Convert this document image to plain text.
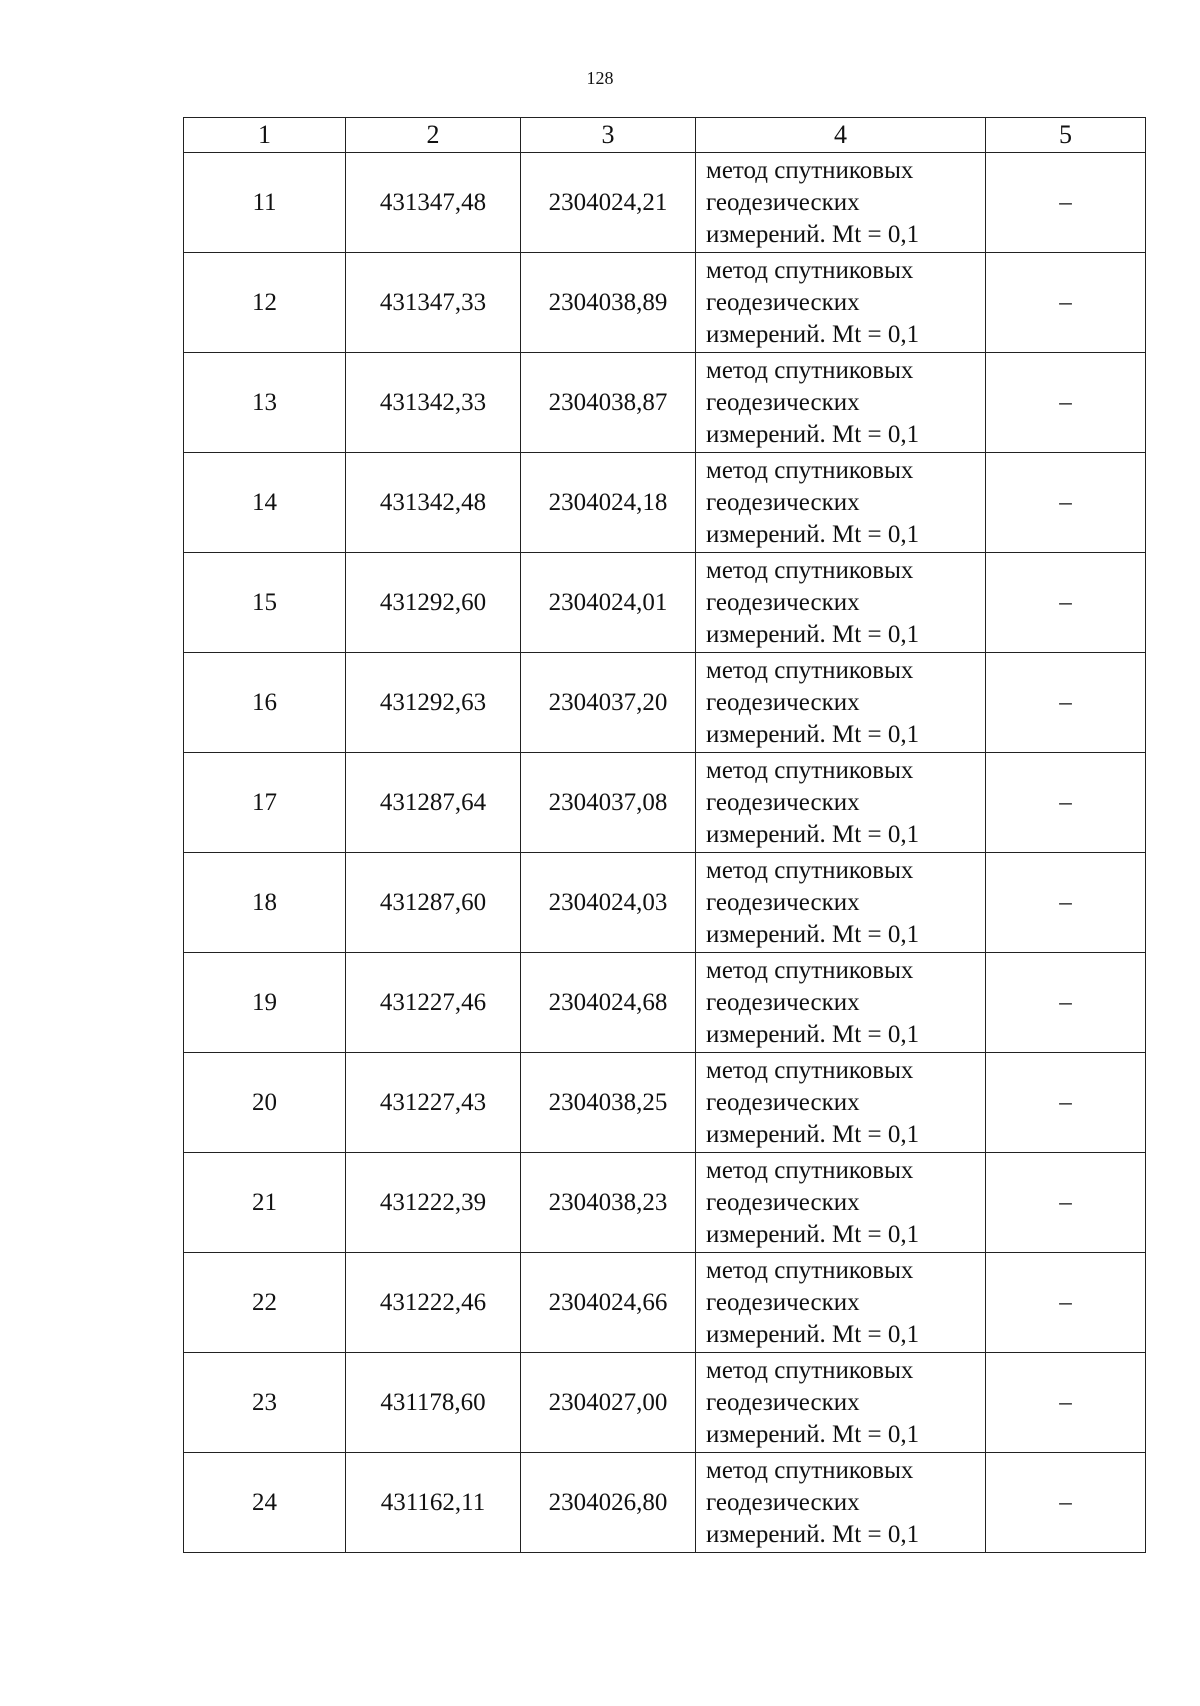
128
1	2	3	4	5
11	431347,48	2304024,21	метод спутниковых
геодезических
измерений. Mt = 0,1	–
12	431347,33	2304038,89	метод спутниковых
геодезических
измерений. Mt = 0,1	–
13	431342,33	2304038,87	метод спутниковых
геодезических
измерений. Mt = 0,1	–
14	431342,48	2304024,18	метод спутниковых
геодезических
измерений. Mt = 0,1	–
15	431292,60	2304024,01	метод спутниковых
геодезических
измерений. Mt = 0,1	–
16	431292,63	2304037,20	метод спутниковых
геодезических
измерений. Mt = 0,1	–
17	431287,64	2304037,08	метод спутниковых
геодезических
измерений. Mt = 0,1	–
18	431287,60	2304024,03	метод спутниковых
геодезических
измерений. Mt = 0,1	–
19	431227,46	2304024,68	метод спутниковых
геодезических
измерений. Mt = 0,1	–
20	431227,43	2304038,25	метод спутниковых
геодезических
измерений. Mt = 0,1	–
21	431222,39	2304038,23	метод спутниковых
геодезических
измерений. Mt = 0,1	–
22	431222,46	2304024,66	метод спутниковых
геодезических
измерений. Mt = 0,1	–
23	431178,60	2304027,00	метод спутниковых
геодезических
измерений. Mt = 0,1	–
24	431162,11	2304026,80	метод спутниковых
геодезических
измерений. Mt = 0,1	–
